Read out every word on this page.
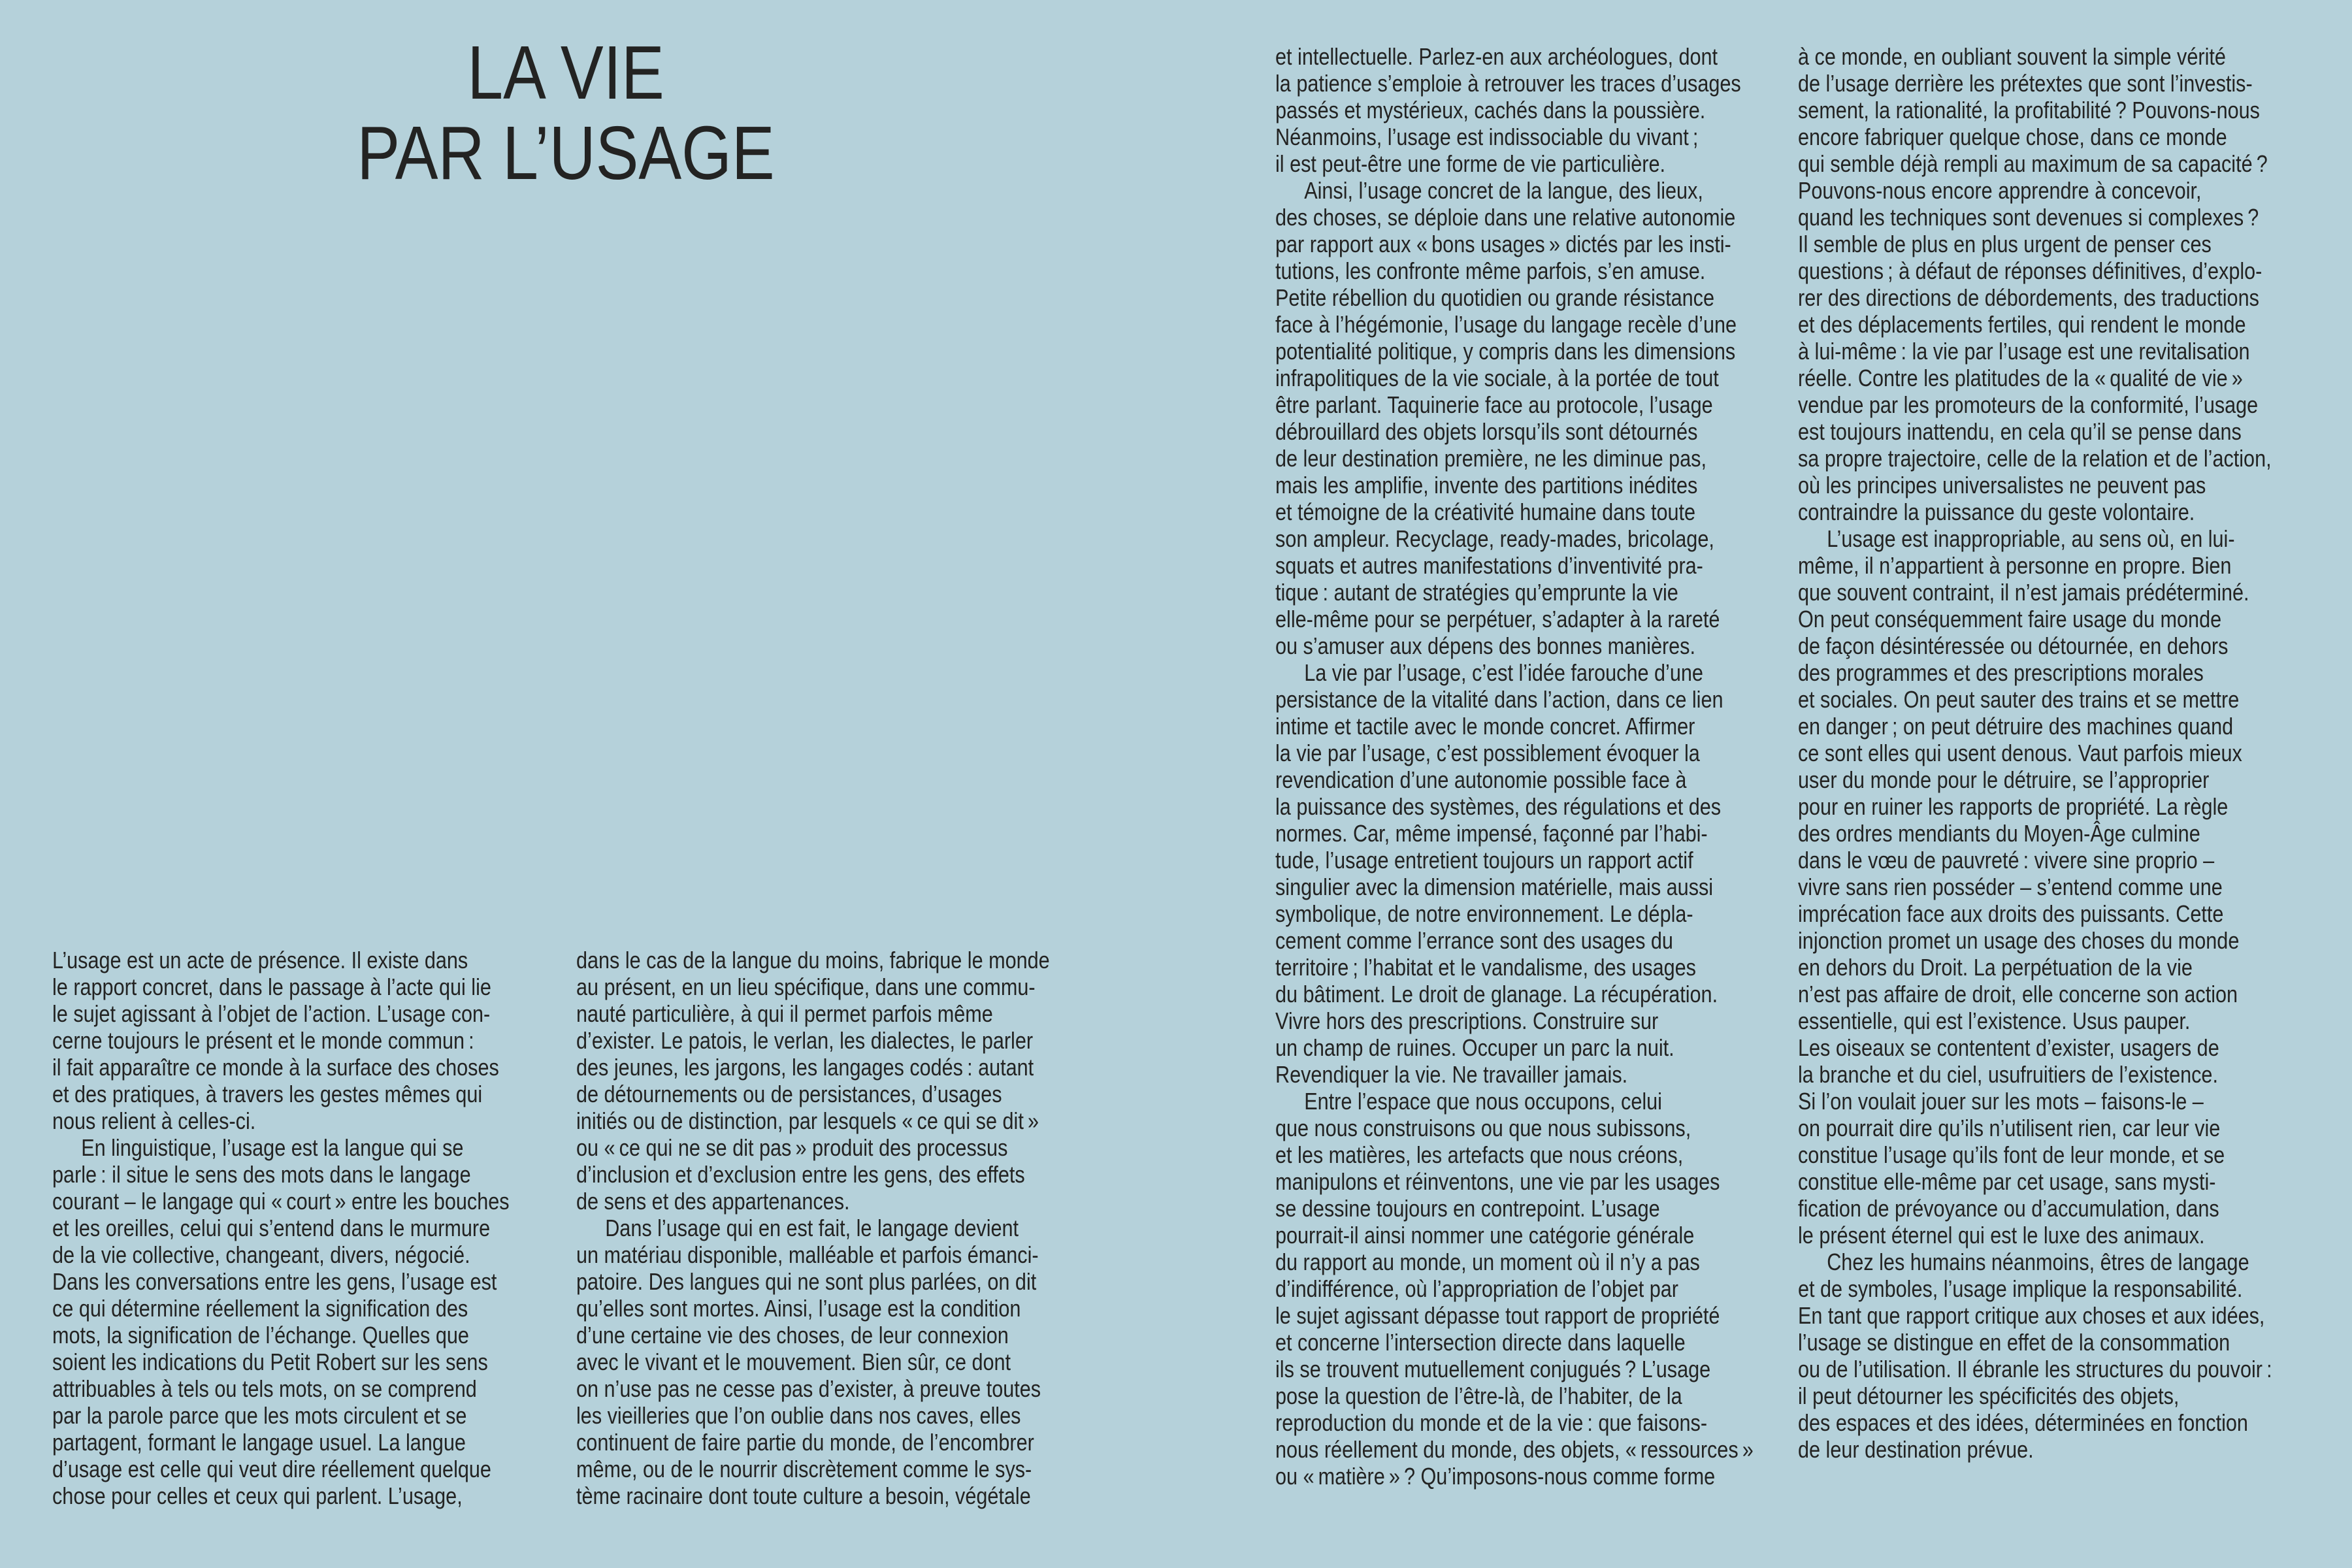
LA VIE
PAR L’USAGE
L’usage est un acte de présence. Il existe dans
le rapport concret, dans le passage à l’acte qui lie
le sujet agissant à l’objet de l’action. L’usage con-
cerne toujours le présent et le monde commun :
il fait apparaître ce monde à la surface des choses
et des pratiques, à travers les gestes mêmes qui
nous relient à celles-ci.
En linguistique, l’usage est la langue qui se
parle : il situe le sens des mots dans le langage
courant – le langage qui « court » entre les bouches
et les oreilles, celui qui s’entend dans le murmure
de la vie collective, changeant, divers, négocié.
Dans les conversations entre les gens, l’usage est
ce qui détermine réellement la signification des
mots, la signification de l’échange. Quelles que
soient les indications du Petit Robert sur les sens
attribuables à tels ou tels mots, on se comprend
par la parole parce que les mots circulent et se
partagent, formant le langage usuel. La langue
d’usage est celle qui veut dire réellement quelque
chose pour celles et ceux qui parlent. L’usage,
dans le cas de la langue du moins, fabrique le monde
au présent, en un lieu spécifique, dans une commu-
nauté particulière, à qui il permet parfois même
d’exister. Le patois, le verlan, les dialectes, le parler
des jeunes, les jargons, les langages codés : autant
de détournements ou de persistances, d’usages
initiés ou de distinction, par lesquels « ce qui se dit »
ou « ce qui ne se dit pas » produit des processus
d’inclusion et d’exclusion entre les gens, des effets
de sens et des appartenances.
Dans l’usage qui en est fait, le langage devient
un matériau disponible, malléable et parfois émanci-
patoire. Des langues qui ne sont plus parlées, on dit
qu’elles sont mortes. Ainsi, l’usage est la condition
d’une certaine vie des choses, de leur connexion
avec le vivant et le mouvement. Bien sûr, ce dont
on n’use pas ne cesse pas d’exister, à preuve toutes
les vieilleries que l’on oublie dans nos caves, elles
continuent de faire partie du monde, de l’encombrer
même, ou de le nourrir discrètement comme le sys-
tème racinaire dont toute culture a besoin, végétale
et intellectuelle. Parlez-en aux archéologues, dont
la patience s’emploie à retrouver les traces d’usages
passés et mystérieux, cachés dans la poussière.
Néanmoins, l’usage est indissociable du vivant ;
il est peut-être une forme de vie particulière.
Ainsi, l’usage concret de la langue, des lieux,
des choses, se déploie dans une relative autonomie
par rapport aux « bons usages » dictés par les insti-
tutions, les confronte même parfois, s’en amuse.
Petite rébellion du quotidien ou grande résistance
face à l’hégémonie, l’usage du langage recèle d’une
potentialité politique, y compris dans les dimensions
infrapolitiques de la vie sociale, à la portée de tout
être parlant. Taquinerie face au protocole, l’usage
débrouillard des objets lorsqu’ils sont détournés
de leur destination première, ne les diminue pas,
mais les amplifie, invente des partitions inédites
et témoigne de la créativité humaine dans toute
son ampleur. Recyclage, ready-mades, bricolage,
squats et autres manifestations d’inventivité pra-
tique : autant de stratégies qu’emprunte la vie
elle-même pour se perpétuer, s’adapter à la rareté
ou s’amuser aux dépens des bonnes manières.
La vie par l’usage, c’est l’idée farouche d’une
persistance de la vitalité dans l’action, dans ce lien
intime et tactile avec le monde concret. Affirmer
la vie par l’usage, c’est possiblement évoquer la
revendication d’une autonomie possible face à
la puissance des systèmes, des régulations et des
normes. Car, même impensé, façonné par l’habi-
tude, l’usage entretient toujours un rapport actif
singulier avec la dimension matérielle, mais aussi
symbolique, de notre environnement. Le dépla-
cement comme l’errance sont des usages du
territoire ; l’habitat et le vandalisme, des usages
du bâtiment. Le droit de glanage. La récupération.
Vivre hors des prescriptions. Construire sur
un champ de ruines. Occuper un parc la nuit.
Revendiquer la vie. Ne travailler jamais.
Entre l’espace que nous occupons, celui
que nous construisons ou que nous subissons,
et les matières, les artefacts que nous créons,
manipulons et réinventons, une vie par les usages
se dessine toujours en contrepoint. L’usage
pourrait-il ainsi nommer une catégorie générale
du rapport au monde, un moment où il n’y a pas
d’indifférence, où l’appropriation de l’objet par
le sujet agissant dépasse tout rapport de propriété
et concerne l’intersection directe dans laquelle
ils se trouvent mutuellement conjugués ? L’usage
pose la question de l’être-là, de l’habiter, de la
reproduction du monde et de la vie : que faisons-
nous réellement du monde, des objets, « ressources »
ou « matière » ? Qu’imposons-nous comme forme
à ce monde, en oubliant souvent la simple vérité
de l’usage derrière les prétextes que sont l’investis-
sement, la rationalité, la profitabilité ? Pouvons-nous
encore fabriquer quelque chose, dans ce monde
qui semble déjà rempli au maximum de sa capacité ?
Pouvons-nous encore apprendre à concevoir,
quand les techniques sont devenues si complexes ?
Il semble de plus en plus urgent de penser ces
questions ; à défaut de réponses définitives, d’explo-
rer des directions de débordements, des traductions
et des déplacements fertiles, qui rendent le monde
à lui-même : la vie par l’usage est une revitalisation
réelle. Contre les platitudes de la « qualité de vie »
vendue par les promoteurs de la conformité, l’usage
est toujours inattendu, en cela qu’il se pense dans
sa propre trajectoire, celle de la relation et de l’action,
où les principes universalistes ne peuvent pas
contraindre la puissance du geste volontaire.
L’usage est inappropriable, au sens où, en lui-
même, il n’appartient à personne en propre. Bien
que souvent contraint, il n’est jamais prédéterminé.
On peut conséquemment faire usage du monde
de façon désintéressée ou détournée, en dehors
des programmes et des prescriptions morales
et sociales. On peut sauter des trains et se mettre
en danger ; on peut détruire des machines quand
ce sont elles qui usent denous. Vaut parfois mieux
user du monde pour le détruire, se l’approprier
pour en ruiner les rapports de propriété. La règle
des ordres mendiants du Moyen-Âge culmine
dans le vœu de pauvreté : vivere sine proprio –
vivre sans rien posséder – s’entend comme une
imprécation face aux droits des puissants. Cette
injonction promet un usage des choses du monde
en dehors du Droit. La perpétuation de la vie
n’est pas affaire de droit, elle concerne son action
essentielle, qui est l’existence. Usus pauper.
Les oiseaux se contentent d’exister, usagers de
la branche et du ciel, usufruitiers de l’existence.
Si l’on voulait jouer sur les mots – faisons-le –
on pourrait dire qu’ils n’utilisent rien, car leur vie
constitue l’usage qu’ils font de leur monde, et se
constitue elle-même par cet usage, sans mysti-
fication de prévoyance ou d’accumulation, dans
le présent éternel qui est le luxe des animaux.
Chez les humains néanmoins, êtres de langage
et de symboles, l’usage implique la responsabilité.
En tant que rapport critique aux choses et aux idées,
l’usage se distingue en effet de la consommation
ou de l’utilisation. Il ébranle les structures du pouvoir :
il peut détourner les spécificités des objets,
des espaces et des idées, déterminées en fonction
de leur destination prévue.
